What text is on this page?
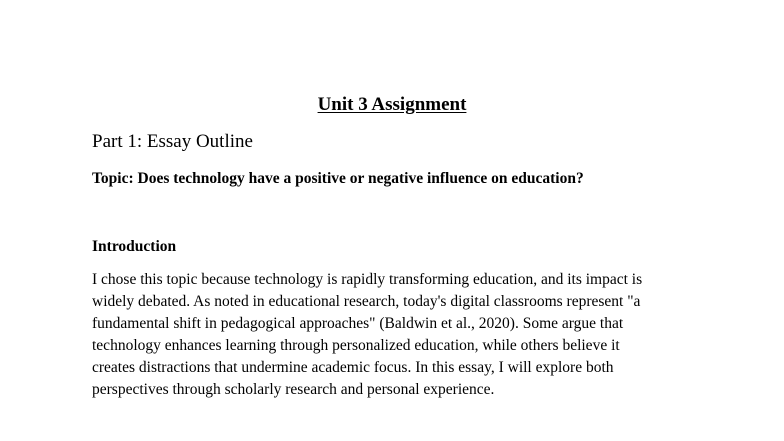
Unit 3 Assignment
Part 1: Essay Outline

Topic: Does technology have a positive or negative influence on education?

Introduction

I chose this topic because technology is rapidly transforming education, and its impact is
widely debated. As noted in educational research, today's digital classrooms represent "a
fundamental shift in pedagogical approaches" (Baldwin et al., 2020). Some argue that
technology enhances learning through personalized education, while others believe it
creates distractions that undermine academic focus. In this essay, I will explore both
perspectives through scholarly research and personal experience.
